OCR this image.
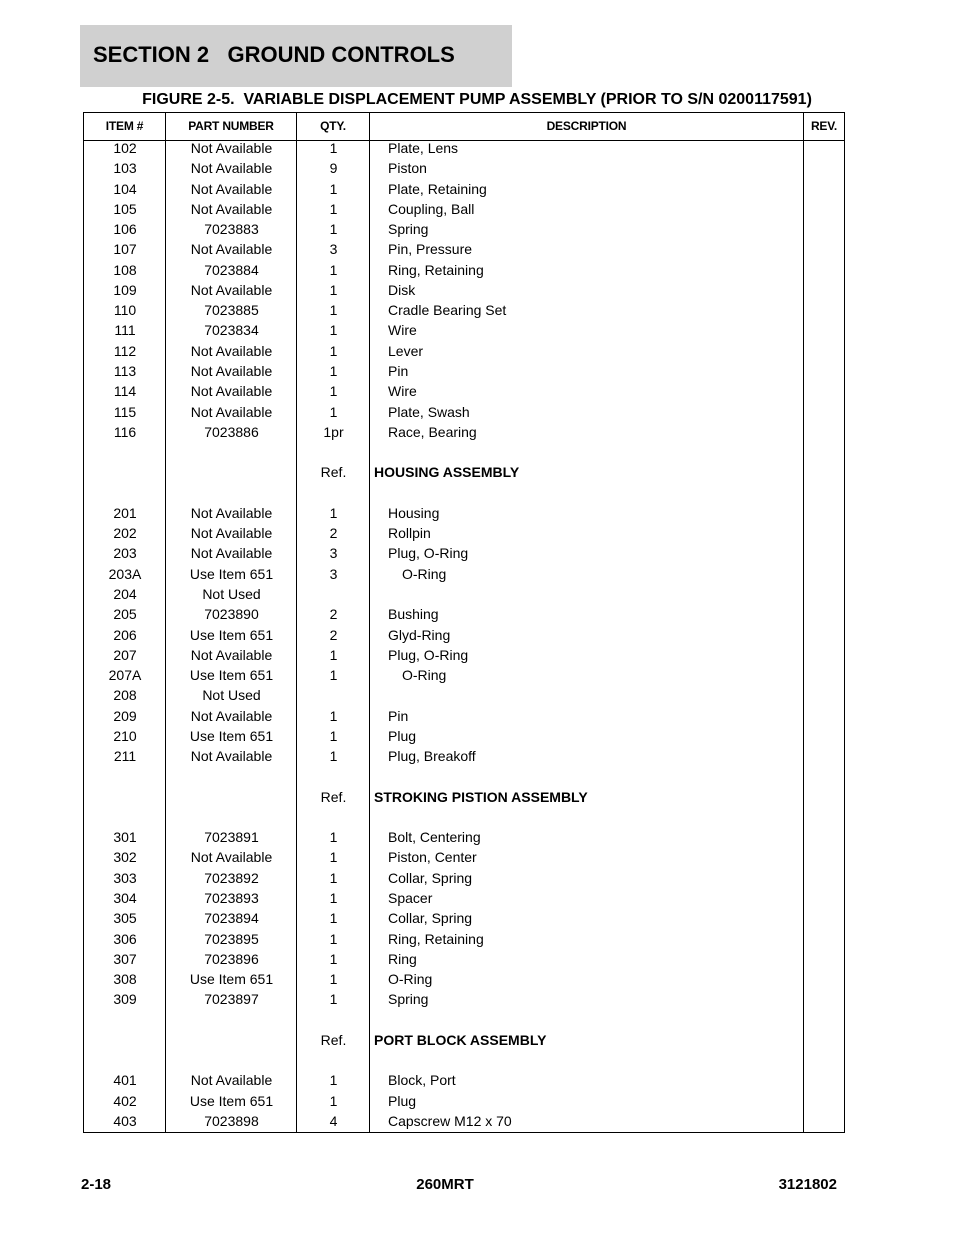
SECTION 2   GROUND CONTROLS
FIGURE 2-5.  VARIABLE DISPLACEMENT PUMP ASSEMBLY (PRIOR TO S/N 0200117591)
ITEM #	PART NUMBER	QTY.	DESCRIPTION	REV.
102	Not Available	1	Plate, Lens
103	Not Available	9	Piston
104	Not Available	1	Plate, Retaining
105	Not Available	1	Coupling, Ball
106	7023883	1	Spring
107	Not Available	3	Pin, Pressure
108	7023884	1	Ring, Retaining
109	Not Available	1	Disk
110	7023885	1	Cradle Bearing Set
111	7023834	1	Wire
112	Not Available	1	Lever
113	Not Available	1	Pin
114	Not Available	1	Wire
115	Not Available	1	Plate, Swash
116	7023886	1pr	Race, Bearing
Ref.	HOUSING ASSEMBLY
201	Not Available	1	Housing
202	Not Available	2	Rollpin
203	Not Available	3	Plug, O-Ring
203A	Use Item 651	3	O-Ring
204	Not Used
205	7023890	2	Bushing
206	Use Item 651	2	Glyd-Ring
207	Not Available	1	Plug, O-Ring
207A	Use Item 651	1	O-Ring
208	Not Used
209	Not Available	1	Pin
210	Use Item 651	1	Plug
211	Not Available	1	Plug, Breakoff
Ref.	STROKING PISTION ASSEMBLY
301	7023891	1	Bolt, Centering
302	Not Available	1	Piston, Center
303	7023892	1	Collar, Spring
304	7023893	1	Spacer
305	7023894	1	Collar, Spring
306	7023895	1	Ring, Retaining
307	7023896	1	Ring
308	Use Item 651	1	O-Ring
309	7023897	1	Spring
Ref.	PORT BLOCK ASSEMBLY
401	Not Available	1	Block, Port
402	Use Item 651	1	Plug
403	7023898	4	Capscrew M12 x 70
2-18	260MRT	3121802
